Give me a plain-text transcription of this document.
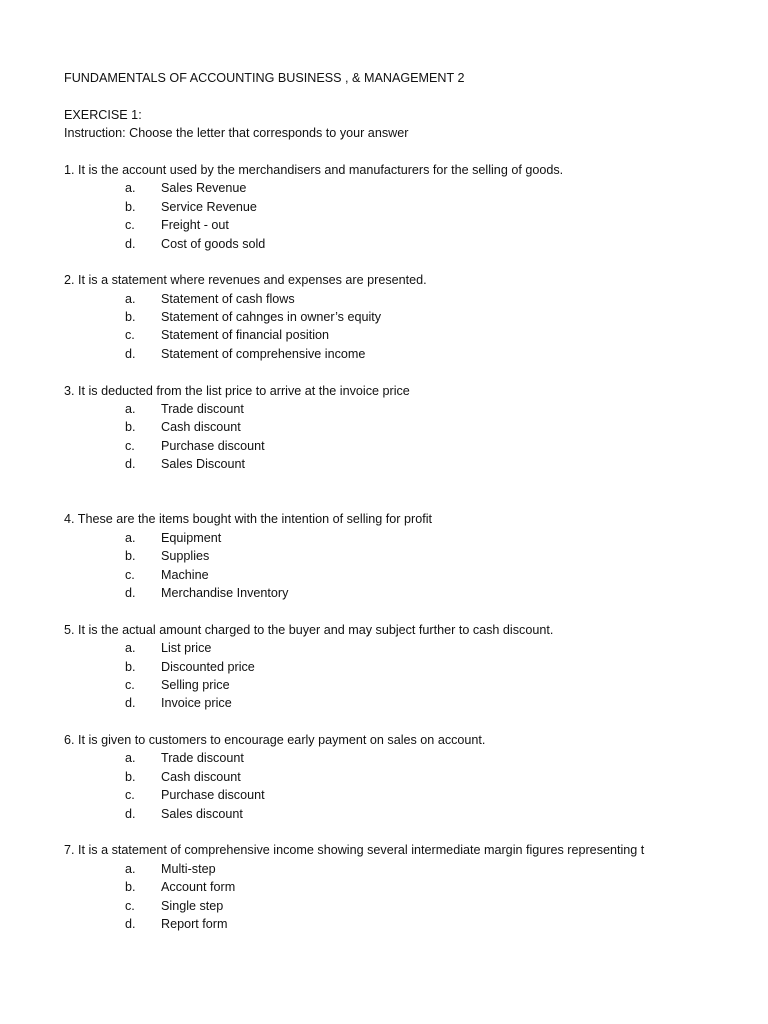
FUNDAMENTALS OF ACCOUNTING BUSINESS , & MANAGEMENT 2
EXERCISE 1:
Instruction: Choose the letter that corresponds to your answer
1. It is the account used by the merchandisers and manufacturers for the selling of goods.
a. Sales Revenue
b. Service Revenue
c. Freight - out
d. Cost of goods sold
2. It is a statement where revenues and expenses are presented.
a. Statement of cash flows
b. Statement of cahnges in owner’s equity
c. Statement of financial position
d. Statement of comprehensive income
3. It is deducted from the list price to arrive at the invoice price
a. Trade discount
b. Cash discount
c. Purchase discount
d. Sales Discount
4. These are the items bought with the intention of selling for profit
a. Equipment
b. Supplies
c. Machine
d. Merchandise Inventory
5. It is the actual amount charged to the buyer and may subject further to cash discount.
a. List price
b. Discounted price
c. Selling price
d. Invoice price
6. It is given to customers to encourage early payment on sales on account.
a. Trade discount
b. Cash discount
c. Purchase discount
d. Sales discount
7. It is a statement of comprehensive income showing several intermediate margin figures representing t
a. Multi-step
b. Account form
c. Single step
d. Report form
